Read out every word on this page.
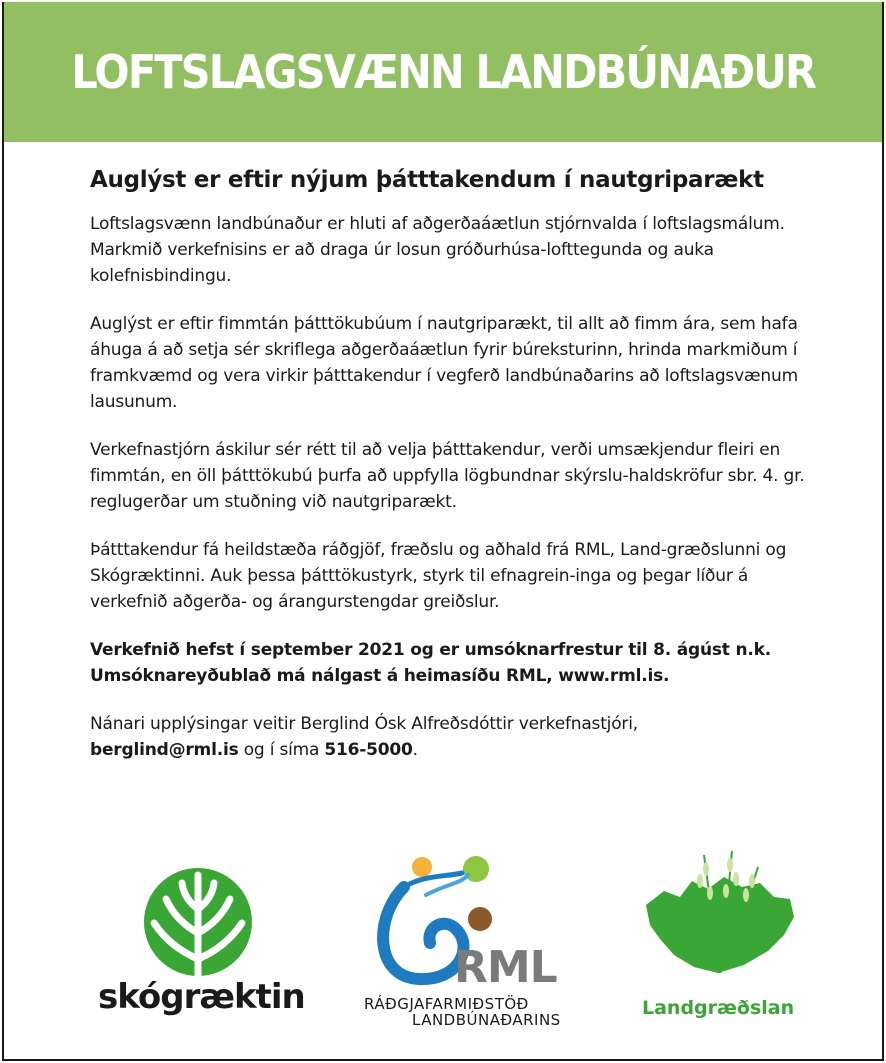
LOFTSLAGSVÆNN LANDBÚNAÐUR
Auglýst er eftir nýjum þátttakendum í nautgriparækt

Loftslagsvænn landbúnaður er hluti af aðgerðaáætlun stjórnvalda í loftslagsmálum. Markmið verkefnisins er að draga úr losun gróðurhúsa-lofttegunda og auka kolefnisbindingu.

Auglýst er eftir fimmtán þátttökubúum í nautgriparækt, til allt að fimm ára, sem hafa áhuga á að setja sér skriflega aðgerðaáætlun fyrir búreksturinn, hrinda markmiðum í framkvæmd og vera virkir þátttakendur í vegferð landbúnaðarins að loftslagsvænum lausunum.

Verkefnastjórn áskilur sér rétt til að velja þátttakendur, verði umsækjendur fleiri en fimmtán, en öll þátttökubú þurfa að uppfylla lögbundnar skýrslu-haldskröfur sbr. 4. gr. reglugerðar um stuðning við nautgriparækt.

Þátttakendur fá heildstæða ráðgjöf, fræðslu og aðhald frá RML, Land-græðslunni og Skógræktinni. Auk þessa þátttökustyrk, styrk til efnagrein-inga og þegar líður á verkefnið aðgerða- og árangurstengdar greiðslur.

Verkefnið hefst í september 2021 og er umsóknarfrestur til 8. ágúst n.k. Umsóknareyðublað má nálgast á heimasíðu RML, www.rml.is.

Nánari upplýsingar veitir Berglind Ósk Alfreðsdóttir verkefnastjóri,
berglind@rml.is og í síma 516-5000.

skógræktin
RML
RÁÐGJAFARMIÐSTÖÐ
LANDBÚNAÐARINS
Landgræðslan
